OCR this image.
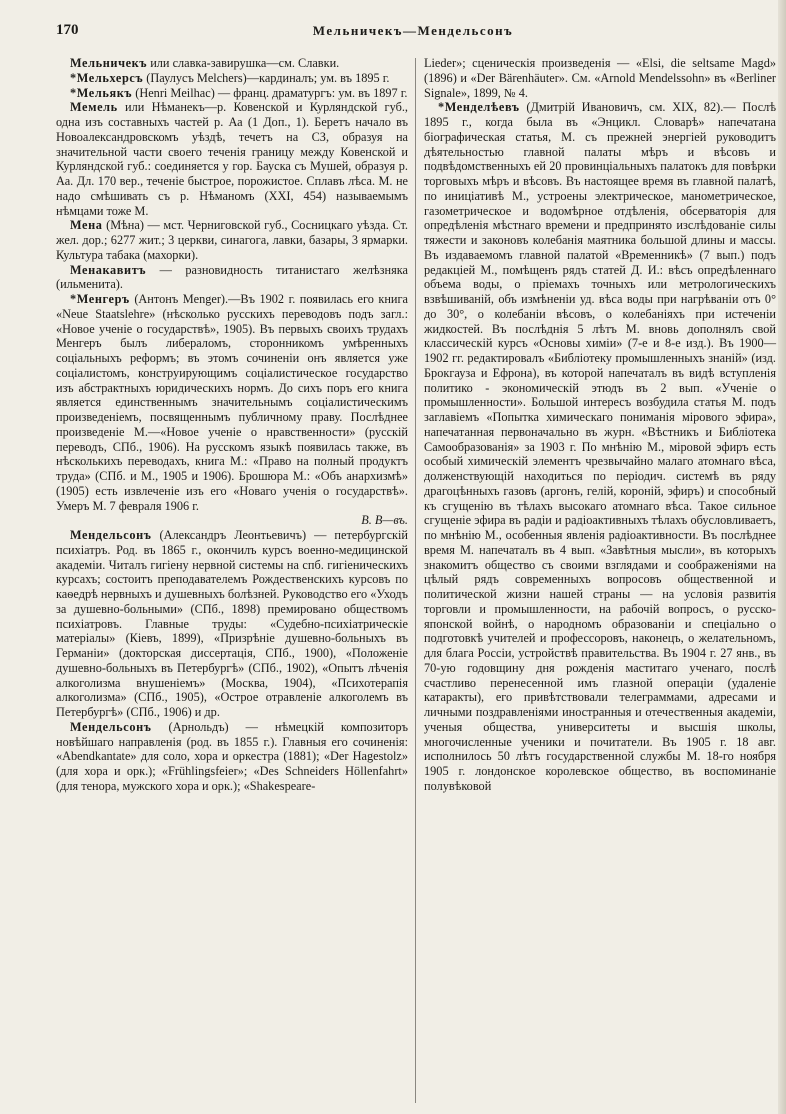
170	Мельничекъ—Мендельсонъ

Мельничекъ или славка-завирушка—см. Славки.

*Мельхерсъ (Паулусъ Melchers)—кардиналъ; ум. въ 1895 г.

*Мельякъ (Henri Meilhac) — франц. драматургъ: ум. въ 1897 г.

Мемель или Нѣманекъ—р. Ковенской и Курляндской губ., одна изъ составныхъ частей р. Аа (1 Доп., 1). Беретъ начало въ Новоалександровскомъ уѣздѣ, течетъ на СЗ, образуя на значительной части своего теченія границу между Ковенской и Курляндской губ.: соединяется у гор. Бауска съ Мушей, образуя р. Аа. Дл. 170 вер., теченіе быстрое, порожистое. Сплавъ лѣса. М. не надо смѣшивать съ р. Нѣманомъ (XXI, 454) называемымъ нѣмцами тоже М.

Мена (Мѣна) — мст. Черниговской губ., Сосницкаго уѣзда. Ст. жел. дор.; 6277 жит.; 3 церкви, синагога, лавки, базары, 3 ярмарки. Культура табака (махорки).

Менакавитъ — разновидность титанистаго желѣзняка (ильменита).

*Менгеръ (Антонъ Menger).—Въ 1902 г. появилась его книга «Neue Staatslehre» (нѣсколько русскихъ переводовъ подъ загл.: «Новое ученіе о государствѣ», 1905). Въ первыхъ своихъ трудахъ Менгеръ былъ либераломъ, сторонникомъ умѣренныхъ соціальныхъ реформъ; въ этомъ сочиненіи онъ является уже соціалистомъ, конструирующимъ соціалистическое государство изъ абстрактныхъ юридическихъ нормъ. До сихъ поръ его книга является единственнымъ значительнымъ соціалистическимъ произведеніемъ, посвященнымъ публичному праву. Послѣднее произведеніе М.—«Новое ученіе о нравственности» (русскій переводъ, СПб., 1906). На русскомъ языкѣ появилась также, въ нѣсколькихъ переводахъ, книга М.: «Право на полный продуктъ труда» (СПб. и М., 1905 и 1906). Брошюра М.: «Объ анархизмѣ» (1905) есть извлеченіе изъ его «Новаго ученія о государствѣ». Умеръ М. 7 февраля 1906 г.
В. В—въ.

Мендельсонъ (Александръ Леонтьевичъ) — петербургскій психіатръ. Род. въ 1865 г., окончилъ курсъ военно-медицинской академіи. Читалъ гигіену нервной системы на спб. гигіеническихъ курсахъ; состоитъ преподавателемъ Рождественскихъ курсовъ по каѳедрѣ нервныхъ и душевныхъ болѣзней. Руководство его «Уходъ за душевно-больными» (СПб., 1898) премировано обществомъ психіатровъ. Главные труды: «Судебно-психіатрическіе матеріалы» (Кіевъ, 1899), «Призрѣніе душевно-больныхъ въ Германіи» (докторская диссертація, СПб., 1900), «Положеніе душевно-больныхъ въ Петербургѣ» (СПб., 1902), «Опытъ лѣченія алкоголизма внушеніемъ» (Москва, 1904), «Психотерапія алкоголизма» (СПб., 1905), «Острое отравленіе алкоголемъ въ Петербургѣ» (СПб., 1906) и др.

Мендельсонъ (Арнольдъ) — нѣмецкій композиторъ новѣйшаго направленія (род. въ 1855 г.). Главныя его сочиненія: «Abendkantate» для соло, хора и оркестра (1881); «Der Hagestolz» (для хора и орк.); «Frühlingsfeier»; «Des Schneiders Höllenfahrt» (для тенора, мужского хора и орк.); «Shakespeare-

Lieder»; сценическія произведенія — «Elsi, die seltsame Magd» (1896) и «Der Bärenhäuter». См. «Arnold Mendelssohn» въ «Berliner Signale», 1899, № 4.

*Менделѣевъ (Дмитрій Ивановичъ, см. XIX, 82).— Послѣ 1895 г., когда была въ «Энцикл. Словарѣ» напечатана біографическая статья, М. съ прежней энергіей руководитъ дѣятельностью главной палаты мѣръ и вѣсовъ и подвѣдомственныхъ ей 20 провинціальныхъ палатокъ для повѣрки торговыхъ мѣръ и вѣсовъ. Въ настоящее время въ главной палатѣ, по иниціативѣ М., устроены электрическое, манометрическое, газометрическое и водомѣрное отдѣленія, обсерваторія для опредѣленія мѣстнаго времени и предпринято изслѣдованіе силы тяжести и законовъ колебанія маятника большой длины и массы. Въ издаваемомъ главной палатой «Временникѣ» (7 вып.) подъ редакціей М., помѣщенъ рядъ статей Д. И.: вѣсъ опредѣленнаго объема воды, о пріемахъ точныхъ или метрологическихъ взвѣшиваній, объ измѣненіи уд. вѣса воды при нагрѣваніи отъ 0° до 30°, о колебаніи вѣсовъ, о колебаніяхъ при истеченіи жидкостей. Въ послѣднія 5 лѣтъ М. вновь дополнялъ свой классическій курсъ «Основы химіи» (7-е и 8-е изд.). Въ 1900—1902 гг. редактировалъ «Библіотеку промышленныхъ знаній» (изд. Брокгауза и Ефрона), въ которой напечаталъ въ видѣ вступленія политико - экономическій этюдъ въ 2 вып. «Ученіе о промышленности». Большой интересъ возбудила статья М. подъ заглавіемъ «Попытка химическаго пониманія мірового эфира», напечатанная первоначально въ журн. «Вѣстникъ и Библіотека Самообразованія» за 1903 г. По мнѣнію М., міровой эфиръ есть особый химическій элементъ чрезвычайно малаго атомнаго вѣса, долженствующій находиться по періодич. системѣ въ ряду драгоцѣнныхъ газовъ (аргонъ, гелій, короній, эфиръ) и способный къ сгущенію въ тѣлахъ высокаго атомнаго вѣса. Такое сильное сгущеніе эфира въ радіи и радіоактивныхъ тѣлахъ обусловливаетъ, по мнѣнію М., особенныя явленія радіоактивности. Въ послѣднее время М. напечаталъ въ 4 вып. «Завѣтныя мысли», въ которыхъ знакомитъ общество съ своими взглядами и соображеніями на цѣлый рядъ современныхъ вопросовъ общественной и политической жизни нашей страны — на условія развитія торговли и промышленности, на рабочій вопросъ, о русско-японской войнѣ, о народномъ образованіи и спеціально о подготовкѣ учителей и профессоровъ, наконецъ, о желательномъ, для блага Россіи, устройствѣ правительства. Въ 1904 г. 27 янв., въ 70-ую годовщину дня рожденія маститаго ученаго, послѣ счастливо перенесенной имъ глазной операціи (удаленіе катаракты), его привѣтствовали телеграммами, адресами и личными поздравленіями иностранныя и отечественныя академіи, ученыя общества, университеты и высшія школы, многочисленные ученики и почитатели. Въ 1905 г. 18 авг. исполнилось 50 лѣтъ государственной службы М. 18-го ноября 1905 г. лондонское королевское общество, въ воспоминаніе полувѣковой
